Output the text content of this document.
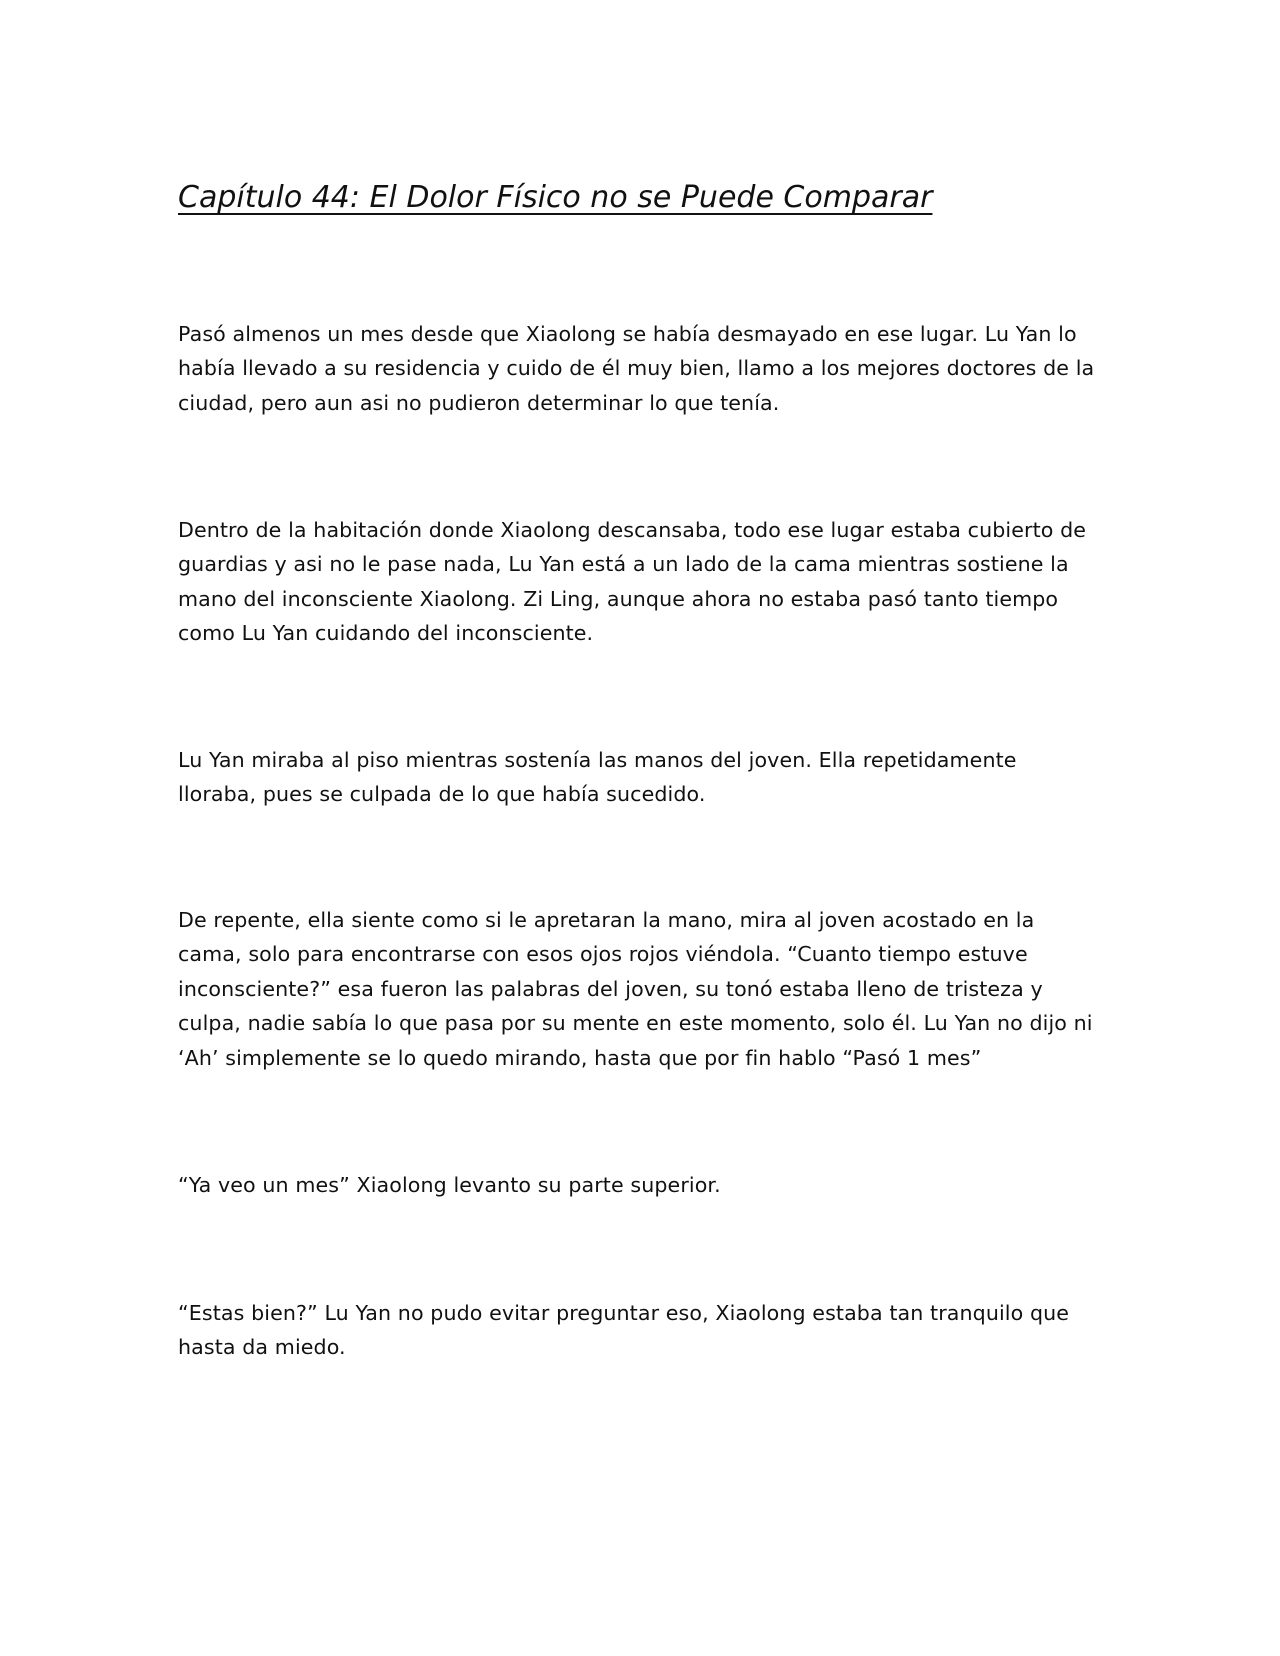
Capítulo 44: El Dolor Físico no se Puede Comparar

Pasó almenos un mes desde que Xiaolong se había desmayado en ese lugar. Lu Yan lo
había llevado a su residencia y cuido de él muy bien, llamo a los mejores doctores de la
ciudad, pero aun asi no pudieron determinar lo que tenía.

Dentro de la habitación donde Xiaolong descansaba, todo ese lugar estaba cubierto de
guardias y asi no le pase nada, Lu Yan está a un lado de la cama mientras sostiene la
mano del inconsciente Xiaolong. Zi Ling, aunque ahora no estaba pasó tanto tiempo
como Lu Yan cuidando del inconsciente.

Lu Yan miraba al piso mientras sostenía las manos del joven. Ella repetidamente
lloraba, pues se culpada de lo que había sucedido.

De repente, ella siente como si le apretaran la mano, mira al joven acostado en la
cama, solo para encontrarse con esos ojos rojos viéndola. “Cuanto tiempo estuve
inconsciente?” esa fueron las palabras del joven, su tonó estaba lleno de tristeza y
culpa, nadie sabía lo que pasa por su mente en este momento, solo él. Lu Yan no dijo ni
‘Ah’ simplemente se lo quedo mirando, hasta que por fin hablo “Pasó 1 mes”

“Ya veo un mes” Xiaolong levanto su parte superior.

“Estas bien?” Lu Yan no pudo evitar preguntar eso, Xiaolong estaba tan tranquilo que
hasta da miedo.
